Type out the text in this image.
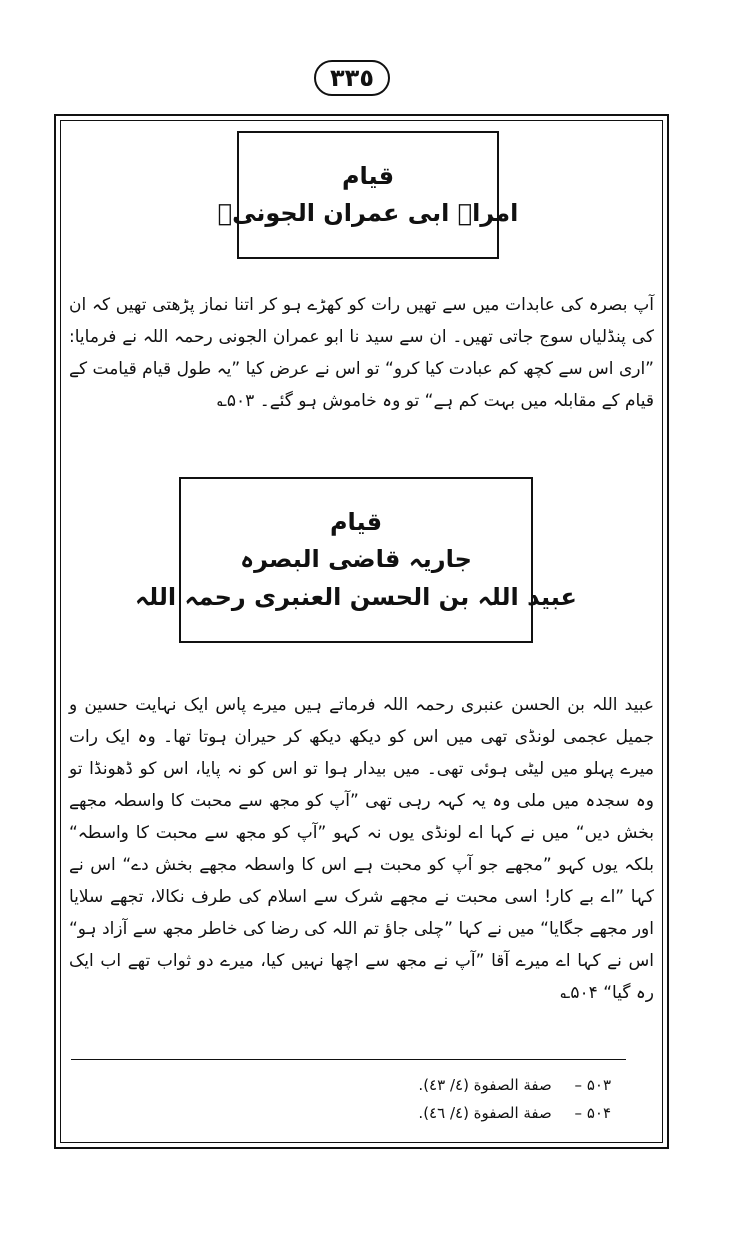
٣٣٥
قیام
امراۃ ابی عمران الجونیؒ
آپ بصرہ کی عابدات میں سے تھیں رات کو کھڑے ہو کر اتنا نماز پڑھتی تھیں کہ ان کی پنڈلیاں سوج جاتی تھیں۔ ان سے سید نا ابو عمران الجونی رحمہ اللہ نے فرمایا: ”اری اس سے کچھ کم عبادت کیا کرو“ تو اس نے عرض کیا ”یہ طول قیام قیامت کے قیام کے مقابلہ میں بہت کم ہے“ تو وہ خاموش ہو گئے۔ ۵۰۳؎
قیام
جاریہ قاضی البصرہ
عبید اللہ بن الحسن العنبری رحمہ اللہ
عبید اللہ بن الحسن عنبری رحمہ اللہ فرماتے ہیں میرے پاس ایک نہایت حسین و جمیل عجمی لونڈی تھی میں اس کو دیکھ دیکھ کر حیران ہوتا تھا۔ وہ ایک رات میرے پہلو میں لیٹی ہوئی تھی۔ میں بیدار ہوا تو اس کو نہ پایا، اس کو ڈھونڈا تو وہ سجدہ میں ملی وہ یہ کہہ رہی تھی ”آپ کو مجھ سے محبت کا واسطہ مجھے بخش دیں“ میں نے کہا اے لونڈی یوں نہ کہو ”آپ کو مجھ سے محبت کا واسطہ“ بلکہ یوں کہو ”مجھے جو آپ کو محبت ہے اس کا واسطہ مجھے بخش دے“ اس نے کہا ”اے بے کار! اسی محبت نے مجھے شرک سے اسلام کی طرف نکالا، تجھے سلایا اور مجھے جگایا“ میں نے کہا ”چلی جاؤ تم اللہ کی رضا کی خاطر مجھ سے آزاد ہو“ اس نے کہا اے میرے آقا ”آپ نے مجھ سے اچھا نہیں کیا، میرے دو ثواب تھے اب ایک رہ گیا“ ۵۰۴؎
۵۰۳ – صفة الصفوة (٤/ ٤٣).
۵۰۴ – صفة الصفوة (٤/ ٤٦).
